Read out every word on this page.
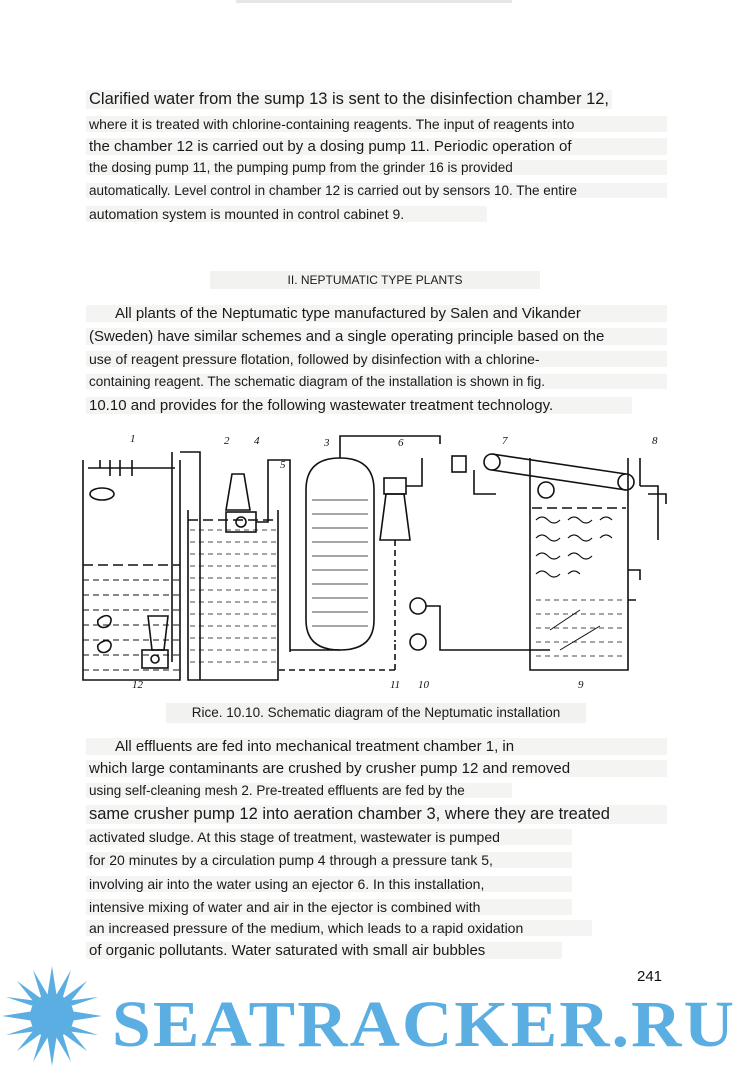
Clarified water from the sump 13 is sent to the disinfection chamber 12,
where it is treated with chlorine-containing reagents. The input of reagents into
the chamber 12 is carried out by a dosing pump 11. Periodic operation of
the dosing pump 11, the pumping pump from the grinder 16 is provided
automatically. Level control in chamber 12 is carried out by sensors 10. The entire
automation system is mounted in control cabinet 9.
II. NEPTUMATIC TYPE PLANTS
All plants of the Neptumatic type manufactured by Salen and Vikander
(Sweden) have similar schemes and a single operating principle based on the
use of reagent pressure flotation, followed by disinfection with a chlorine-
containing reagent. The schematic diagram of the installation is shown in fig.
10.10 and provides for the following wastewater treatment technology.
1	2	3
4
5
6	7	8
9
10
11
12
Rice. 10.10. Schematic diagram of the Neptumatic installation
All effluents are fed into mechanical treatment chamber 1, in
which large contaminants are crushed by crusher pump 12 and removed
using self-cleaning mesh 2. Pre-treated effluents are fed by the
same crusher pump 12 into aeration chamber 3, where they are treated
activated sludge. At this stage of treatment, wastewater is pumped
for 20 minutes by a circulation pump 4 through a pressure tank 5,
involving air into the water using an ejector 6. In this installation,
intensive mixing of water and air in the ejector is combined with
an increased pressure of the medium, which leads to a rapid oxidation
of organic pollutants. Water saturated with small air bubbles
241
SEATRACKER.RU
